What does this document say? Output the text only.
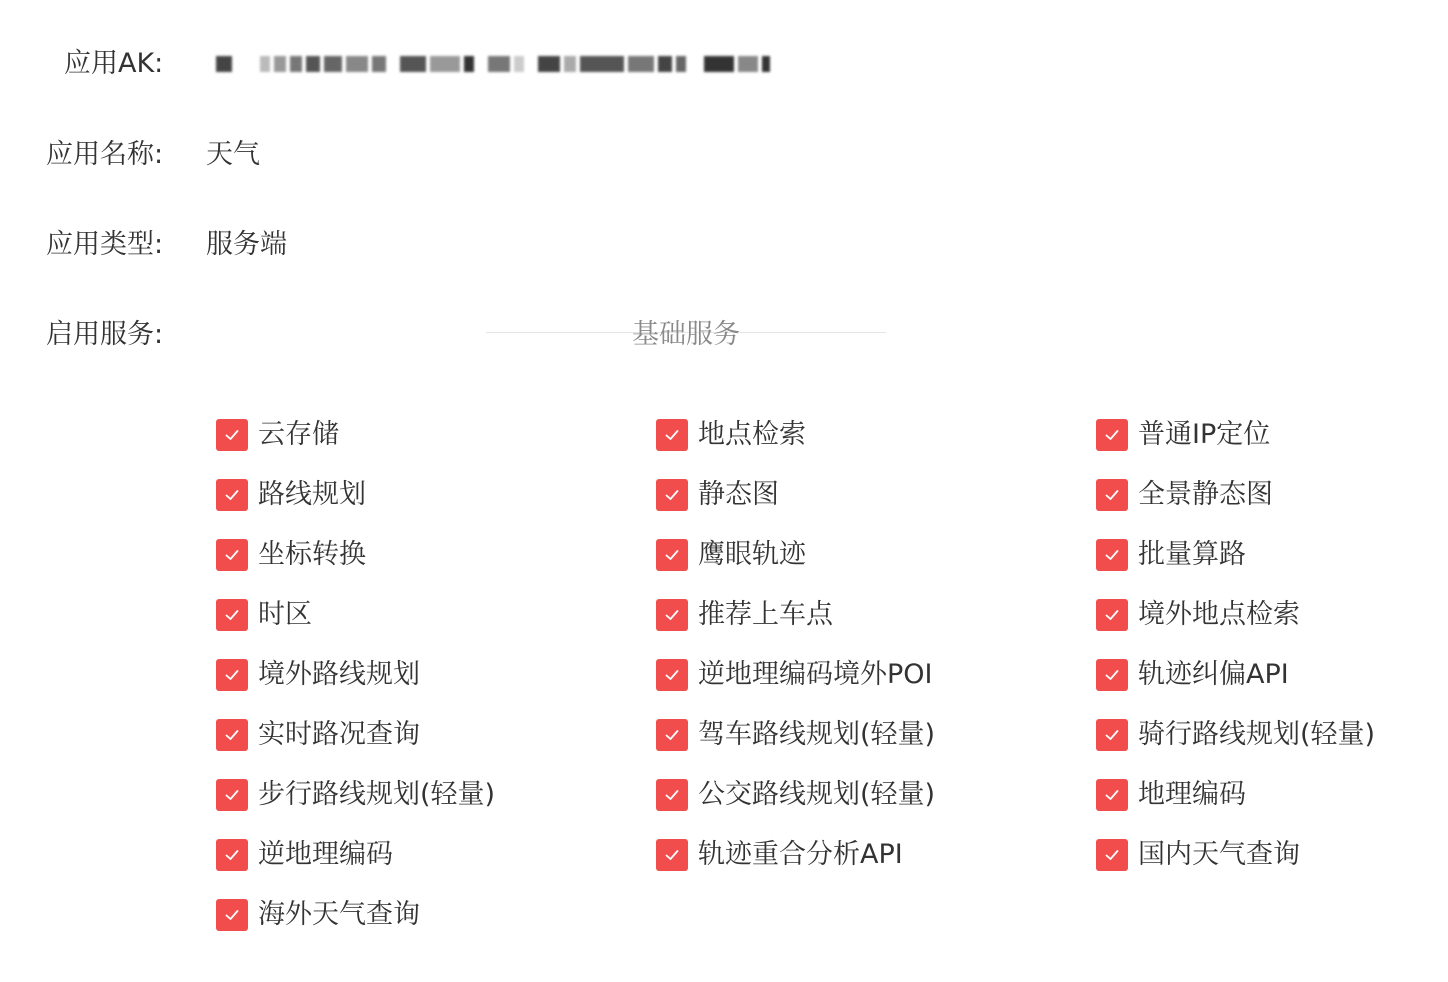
应用AK:
应用名称: 天气
应用类型: 服务端
启用服务:	基础服务
云存储	地点检索	普通IP定位
路线规划	静态图	全景静态图
坐标转换	鹰眼轨迹	批量算路
时区	推荐上车点	境外地点检索
境外路线规划	逆地理编码境外POI	轨迹纠偏API
实时路况查询	驾车路线规划(轻量)	骑行路线规划(轻量)
步行路线规划(轻量)	公交路线规划(轻量)	地理编码
逆地理编码	轨迹重合分析API	国内天气查询
海外天气查询
